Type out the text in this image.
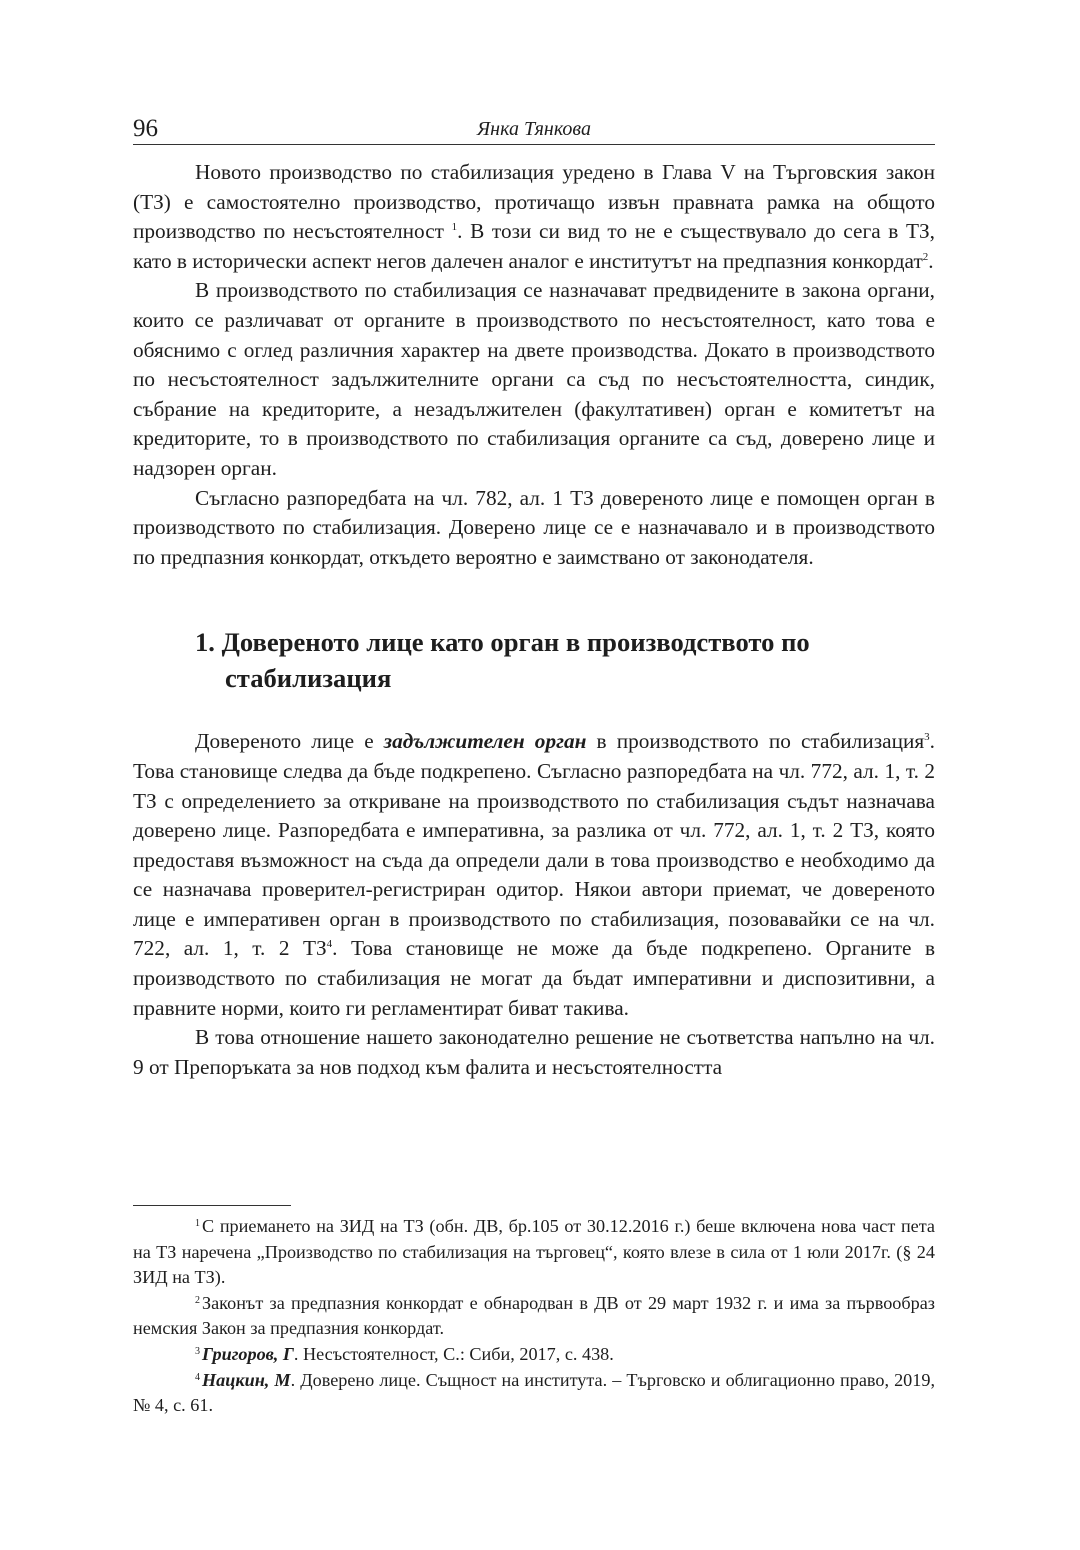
96	Янка Тянкова

Новото производство по стабилизация уредено в Глава V на Търговския закон (ТЗ) е самостоятелно производство, протичащо извън правната рамка на общото производство по несъстоятелност $^1$. В този си вид то не е съществувало до сега в ТЗ, като в исторически аспект негов далечен аналог е институтът на предпазния конкордат$^2$.

В производството по стабилизация се назначават предвидените в закона органи, които се различават от органите в производството по несъстоятелност, като това е обяснимо с оглед различния характер на двете производства. Докато в производството по несъстоятелност задължителните органи са съд по несъстоятелността, синдик, събрание на кредиторите, а незадължителен (факултативен) орган е комитетът на кредиторите, то в производството по стабилизация органите са съд, доверено лице и надзорен орган.

Съгласно разпоредбата на чл. 782, ал. 1 ТЗ довереното лице е помощен орган в производството по стабилизация. Доверено лице се е назначавало и в производството по предпазния конкордат, откъдето вероятно е заимствано от законодателя.

1. Довереното лице като орган в производството по стабилизация

Довереното лице е задължителен орган в производството по стабилизация$^3$. Това становище следва да бъде подкрепено. Съгласно разпоредбата на чл. 772, ал. 1, т. 2 ТЗ с определението за откриване на производството по стабилизация съдът назначава доверено лице. Разпоредбата е императивна, за разлика от чл. 772, ал. 1, т. 2 ТЗ, която предоставя възможност на съда да определи дали в това производство е необходимо да се назначава проверител-регистриран одитор. Някои автори приемат, че довереното лице е императивен орган в производството по стабилизация, позовавайки се на чл. 722, ал. 1, т. 2 $ТЗ^4$. Това становище не може да бъде подкрепено. Органите в производството по стабилизация не могат да бъдат императивни и диспозитивни, а правните норми, които ги регламентират биват такива.

В това отношение нашето законодателно решение не съответства напълно на чл. 9 от Препоръката за нов подход към фалита и несъстоятелността

$^1$ С приемането на ЗИД на ТЗ (обн. ДВ, бр.105 от 30.12.2016 г.) беше включена нова част пета на ТЗ наречена „Производство по стабилизация на търговец“, която влезе в сила от 1 юли 2017г. (§ 24 ЗИД на ТЗ).

$^2$ Законът за предпазния конкордат е обнародван в ДВ от 29 март 1932 г. и има за първообраз немския Закон за предпазния конкордат.

$^3$ Григоров, Г. Несъстоятелност, С.: Сиби, 2017, с. 438.

$^4$ Нацкин, М. Доверено лице. Същност на института. – Търговско и облигационно право, 2019, № 4, с. 61.
